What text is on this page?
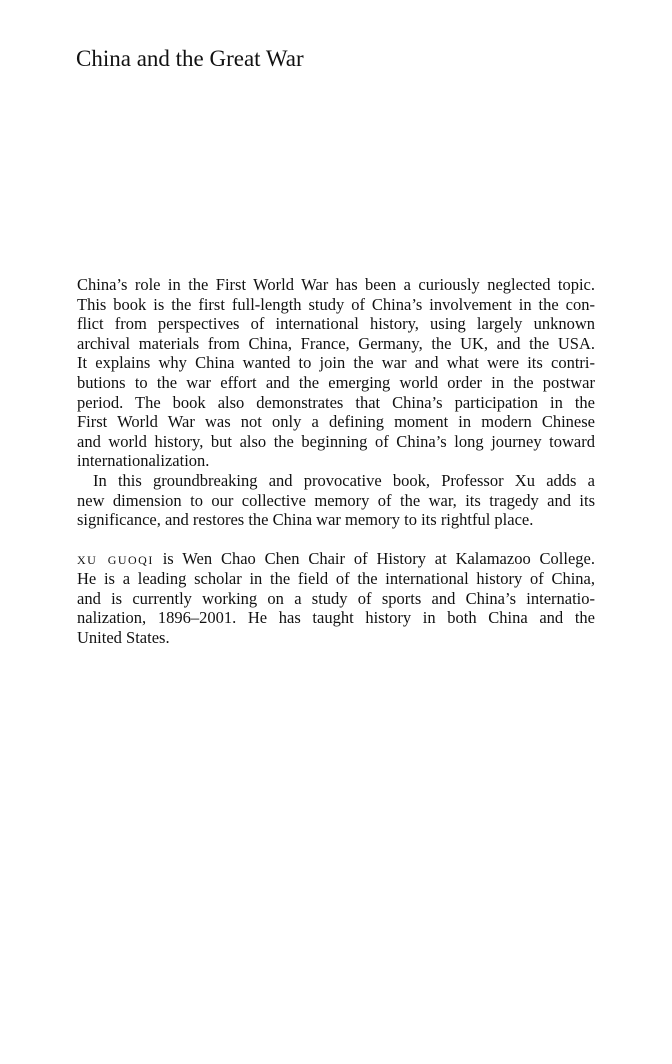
China and the Great War
China’s role in the First World War has been a curiously neglected topic.
This book is the first full-length study of China’s involvement in the con-
flict from perspectives of international history, using largely unknown
archival materials from China, France, Germany, the UK, and the USA.
It explains why China wanted to join the war and what were its contri-
butions to the war effort and the emerging world order in the postwar
period. The book also demonstrates that China’s participation in the
First World War was not only a defining moment in modern Chinese
and world history, but also the beginning of China’s long journey toward
internationalization.
In this groundbreaking and provocative book, Professor Xu adds a
new dimension to our collective memory of the war, its tragedy and its
significance, and restores the China war memory to its rightful place.
xu guoqi is Wen Chao Chen Chair of History at Kalamazoo College.
He is a leading scholar in the field of the international history of China,
and is currently working on a study of sports and China’s internatio-
nalization, 1896–2001. He has taught history in both China and the
United States.
